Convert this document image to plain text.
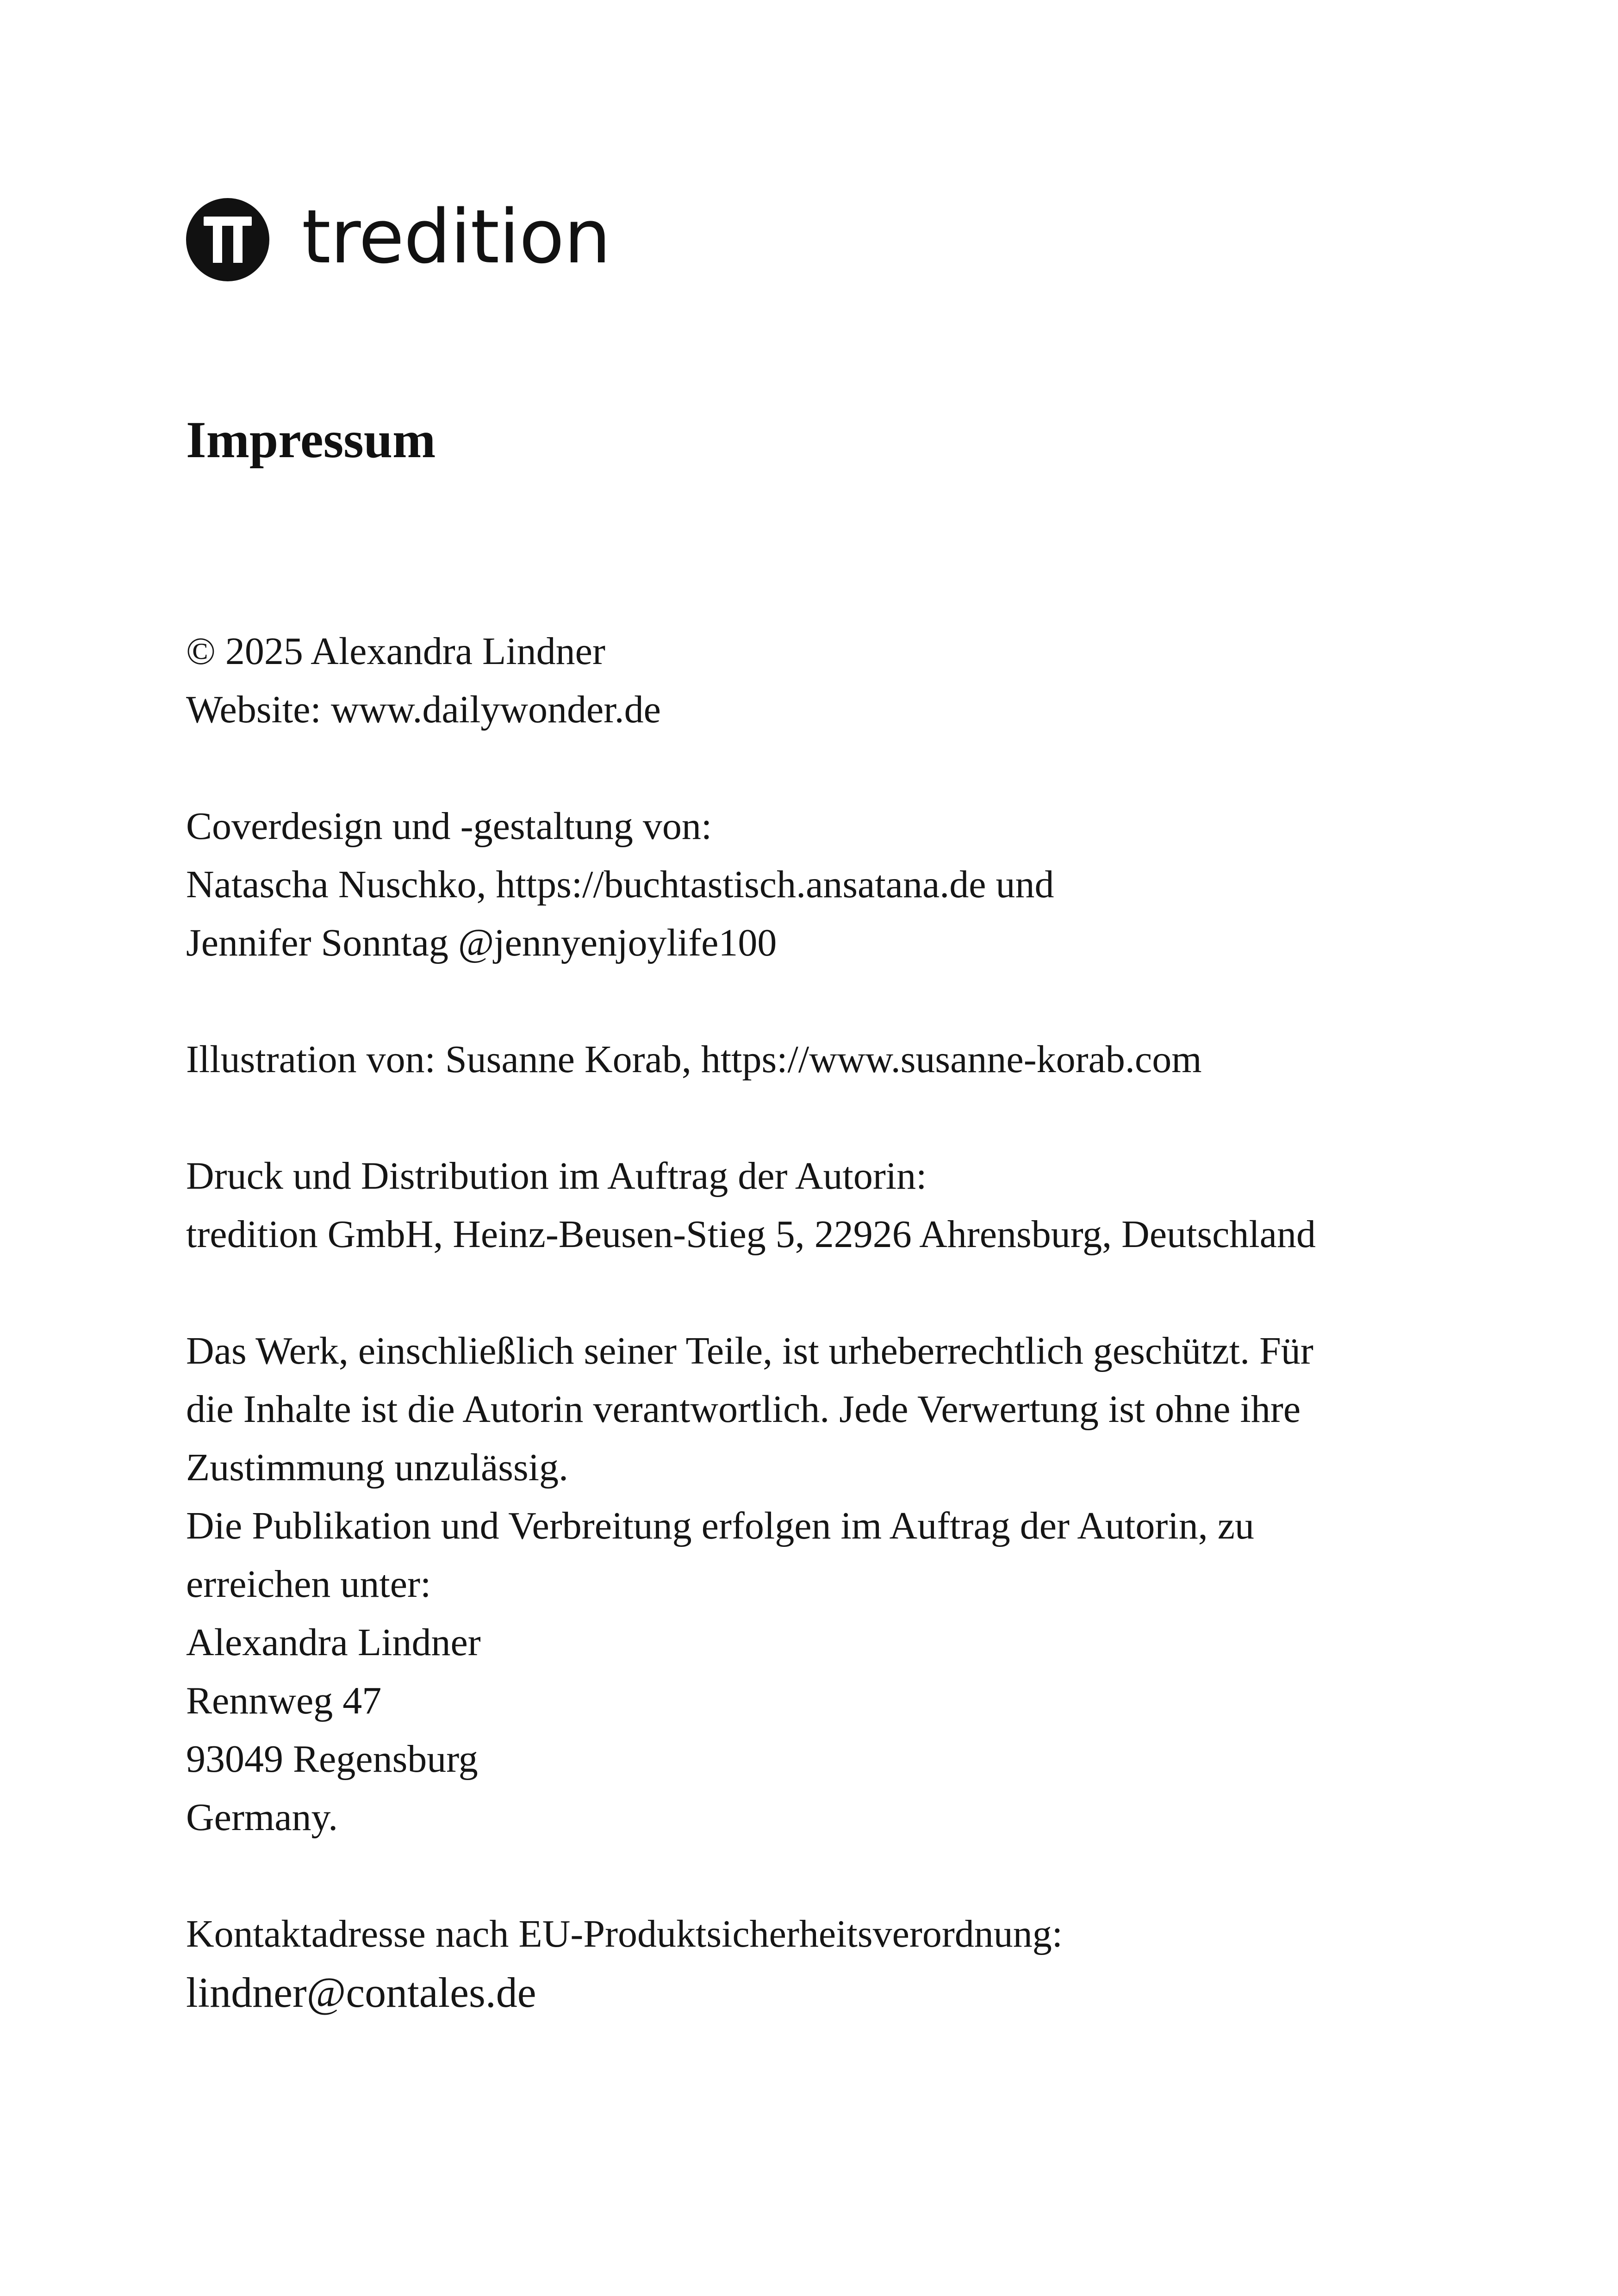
tredition
Impressum
© 2025 Alexandra Lindner
Website: www.dailywonder.de
Coverdesign und -gestaltung von:
Natascha Nuschko, https://buchtastisch.ansatana.de und
Jennifer Sonntag @jennyenjoylife100
Illustration von: Susanne Korab, https://www.susanne-korab.com
Druck und Distribution im Auftrag der Autorin:
tredition GmbH, Heinz-Beusen-Stieg 5, 22926 Ahrensburg, Deutschland
Das Werk, einschließlich seiner Teile, ist urheberrechtlich geschützt. Für
die Inhalte ist die Autorin verantwortlich. Jede Verwertung ist ohne ihre
Zustimmung unzulässig.
Die Publikation und Verbreitung erfolgen im Auftrag der Autorin, zu
erreichen unter:
Alexandra Lindner
Rennweg 47
93049 Regensburg
Germany.
Kontaktadresse nach EU-Produktsicherheitsverordnung:
lindner@contales.de
